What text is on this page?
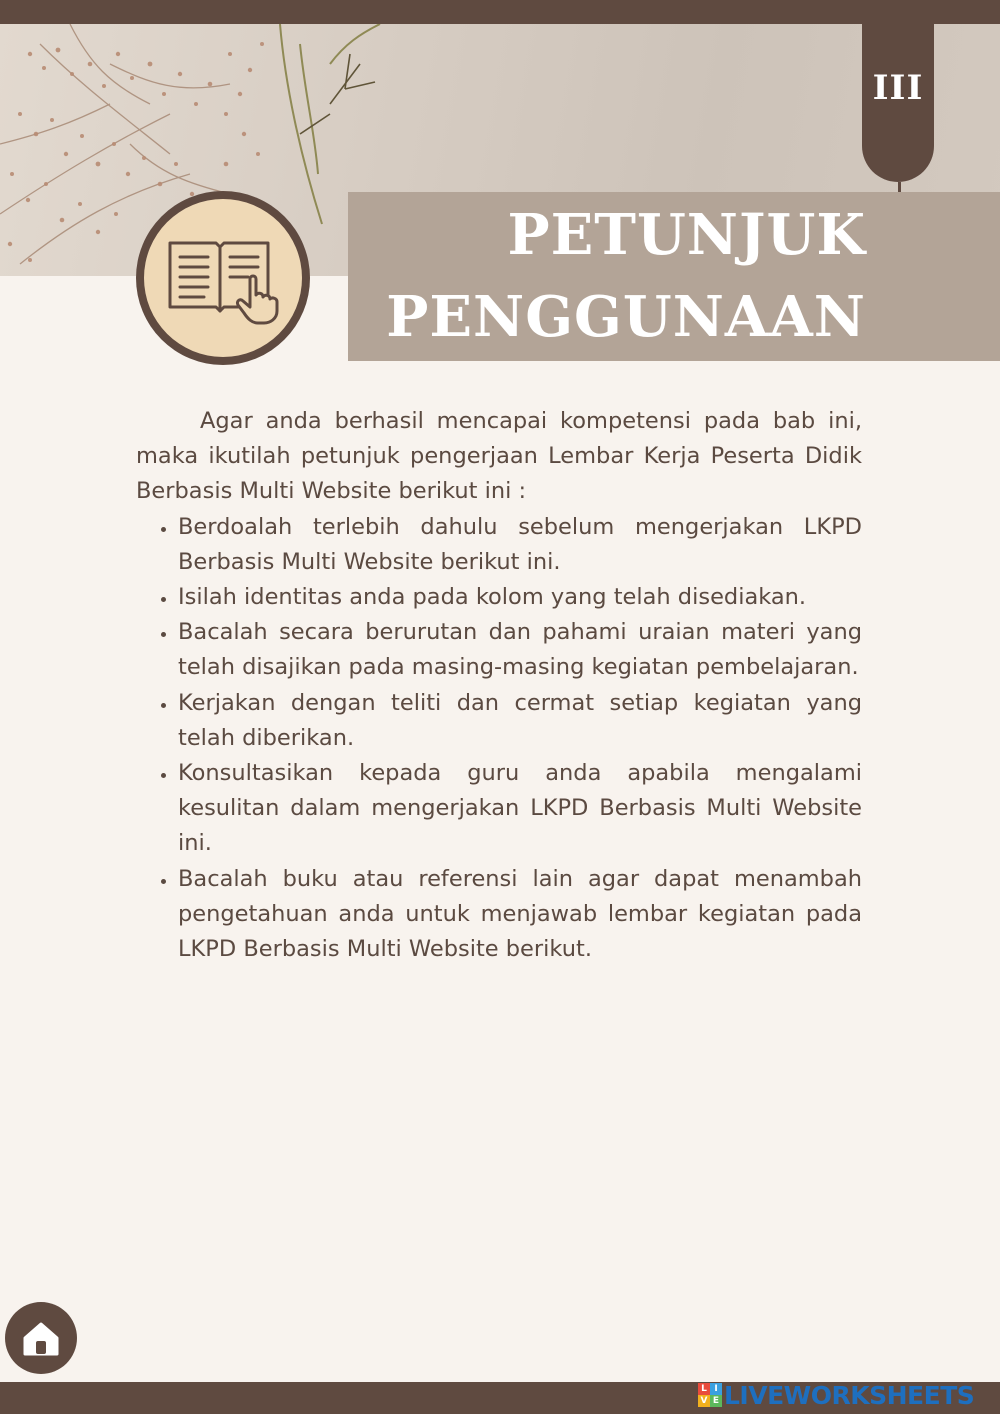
III
PETUNJUK
PENGGUNAAN

Agar anda berhasil mencapai kompetensi pada bab ini, maka ikutilah petunjuk pengerjaan Lembar Kerja Peserta Didik Berbasis Multi Website berikut ini :

• Berdoalah terlebih dahulu sebelum mengerjakan LKPD Berbasis Multi Website berikut ini.
• Isilah identitas anda pada kolom yang telah disediakan.
• Bacalah secara berurutan dan pahami uraian materi yang telah disajikan pada masing-masing kegiatan pembelajaran.
• Kerjakan dengan teliti dan cermat setiap kegiatan yang telah diberikan.
• Konsultasikan kepada guru anda apabila mengalami kesulitan dalam mengerjakan LKPD Berbasis Multi Website ini.
• Bacalah buku atau referensi lain agar dapat menambah pengetahuan anda untuk menjawab lembar kegiatan pada LKPD Berbasis Multi Website berikut.
L I
V E LIVEWORKSHEETS
